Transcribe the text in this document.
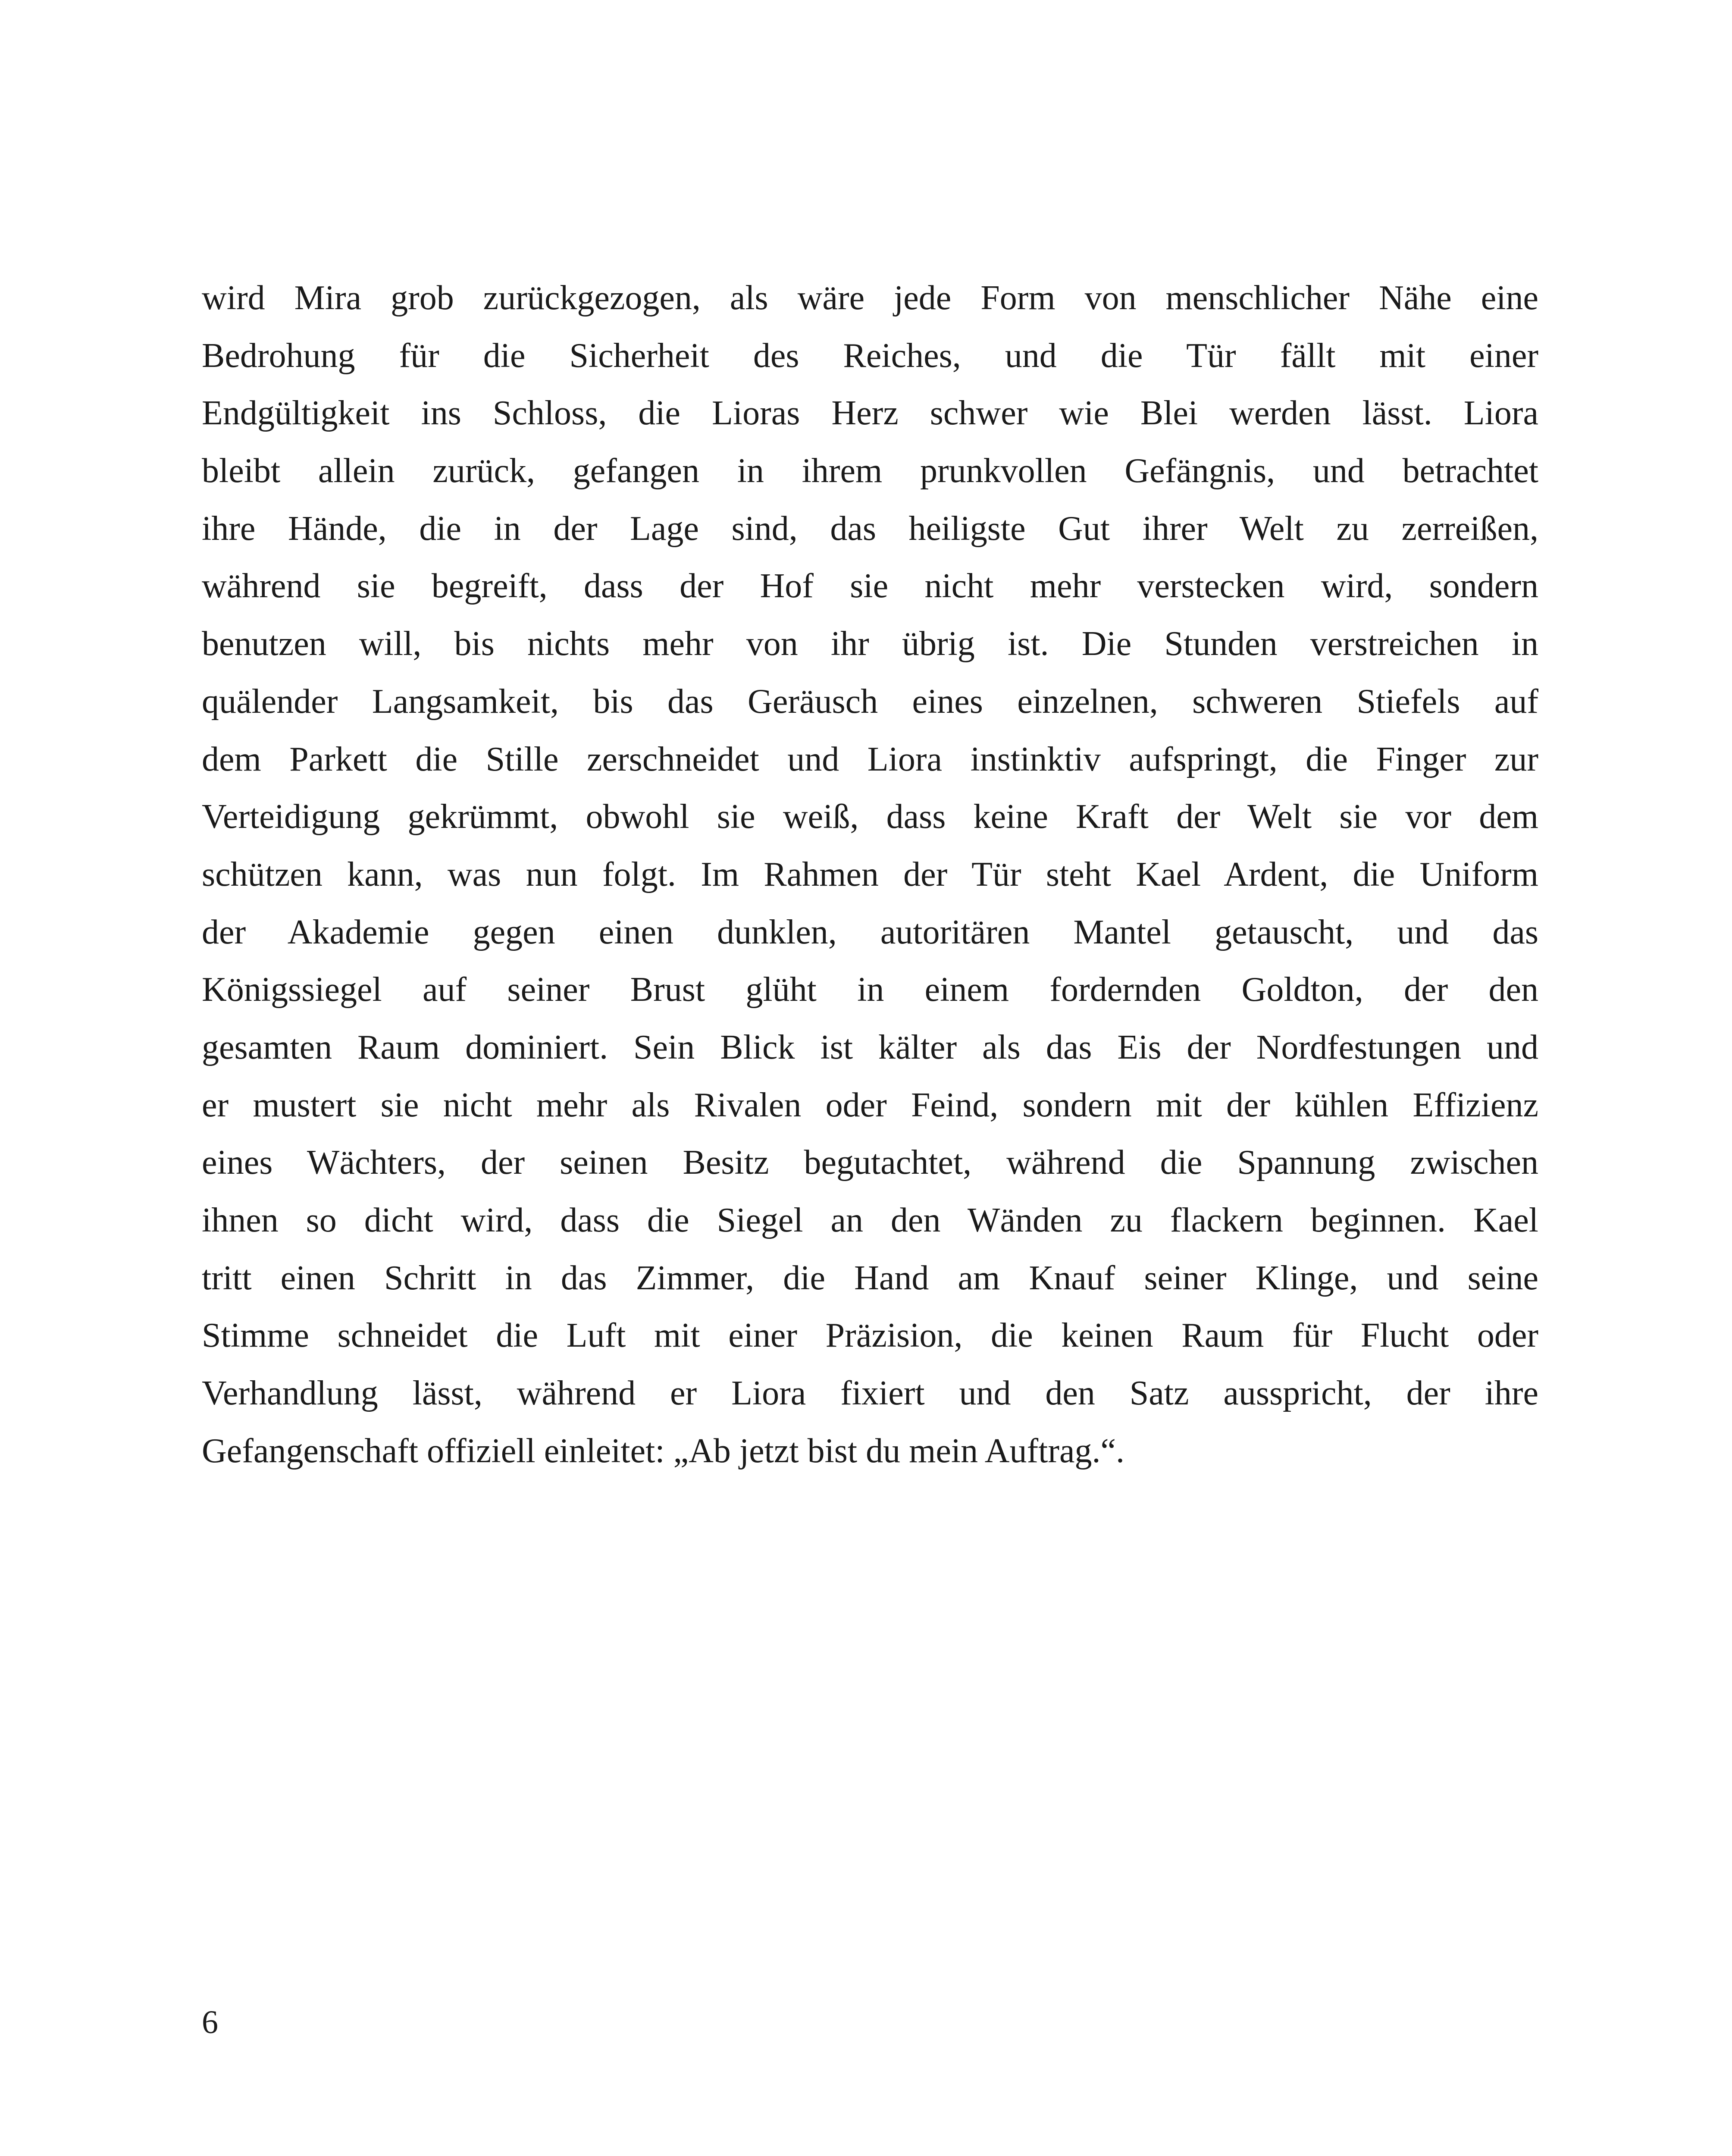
wird Mira grob zurückgezogen, als wäre jede Form von menschlicher Nähe eine
Bedrohung für die Sicherheit des Reiches, und die Tür fällt mit einer
Endgültigkeit ins Schloss, die Lioras Herz schwer wie Blei werden lässt. Liora
bleibt allein zurück, gefangen in ihrem prunkvollen Gefängnis, und betrachtet
ihre Hände, die in der Lage sind, das heiligste Gut ihrer Welt zu zerreißen,
während sie begreift, dass der Hof sie nicht mehr verstecken wird, sondern
benutzen will, bis nichts mehr von ihr übrig ist. Die Stunden verstreichen in
quälender Langsamkeit, bis das Geräusch eines einzelnen, schweren Stiefels auf
dem Parkett die Stille zerschneidet und Liora instinktiv aufspringt, die Finger zur
Verteidigung gekrümmt, obwohl sie weiß, dass keine Kraft der Welt sie vor dem
schützen kann, was nun folgt. Im Rahmen der Tür steht Kael Ardent, die Uniform
der Akademie gegen einen dunklen, autoritären Mantel getauscht, und das
Königssiegel auf seiner Brust glüht in einem fordernden Goldton, der den
gesamten Raum dominiert. Sein Blick ist kälter als das Eis der Nordfestungen und
er mustert sie nicht mehr als Rivalen oder Feind, sondern mit der kühlen Effizienz
eines Wächters, der seinen Besitz begutachtet, während die Spannung zwischen
ihnen so dicht wird, dass die Siegel an den Wänden zu flackern beginnen. Kael
tritt einen Schritt in das Zimmer, die Hand am Knauf seiner Klinge, und seine
Stimme schneidet die Luft mit einer Präzision, die keinen Raum für Flucht oder
Verhandlung lässt, während er Liora fixiert und den Satz ausspricht, der ihre
Gefangenschaft offiziell einleitet: „Ab jetzt bist du mein Auftrag.“.
6
